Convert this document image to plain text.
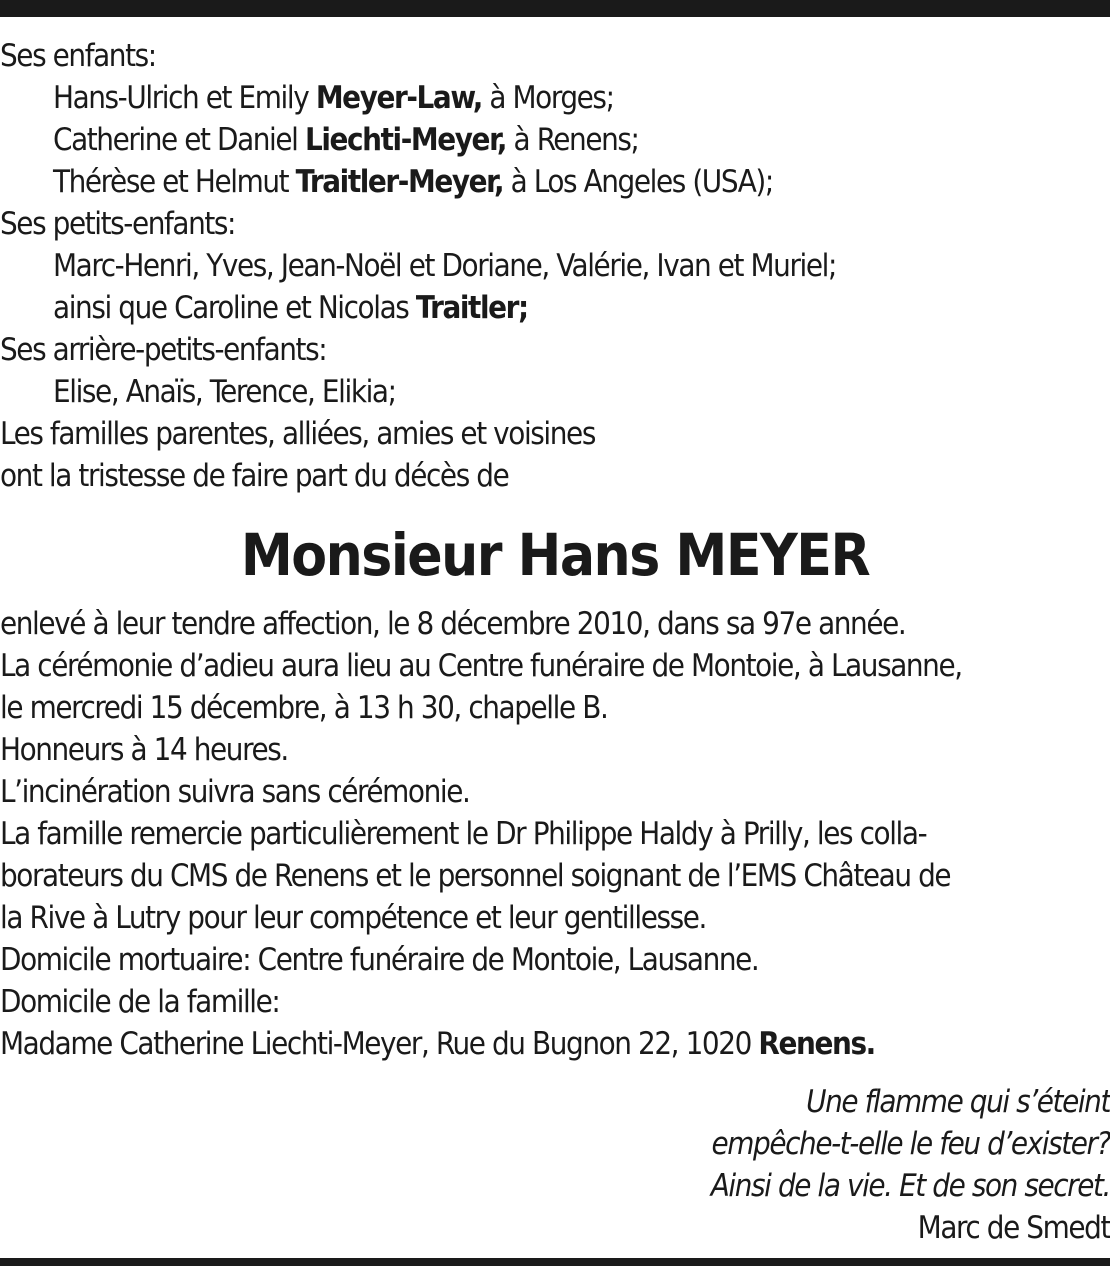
Ses enfants:
Hans-Ulrich et Emily Meyer-Law, à Morges;
Catherine et Daniel Liechti-Meyer, à Renens;
Thérèse et Helmut Traitler-Meyer, à Los Angeles (USA);
Ses petits-enfants:
Marc-Henri, Yves, Jean-Noël et Doriane, Valérie, Ivan et Muriel;
ainsi que Caroline et Nicolas Traitler;
Ses arrière-petits-enfants:
Elise, Anaïs, Terence, Elikia;
Les familles parentes, alliées, amies et voisines
ont la tristesse de faire part du décès de
Monsieur Hans MEYER
enlevé à leur tendre affection, le 8 décembre 2010, dans sa 97e année.
La cérémonie d’adieu aura lieu au Centre funéraire de Montoie, à Lausanne,
le mercredi 15 décembre, à 13 h 30, chapelle B.
Honneurs à 14 heures.
L’incinération suivra sans cérémonie.
La famille remercie particulièrement le Dr Philippe Haldy à Prilly, les colla-
borateurs du CMS de Renens et le personnel soignant de l’EMS Château de
la Rive à Lutry pour leur compétence et leur gentillesse.
Domicile mortuaire: Centre funéraire de Montoie, Lausanne.
Domicile de la famille:
Madame Catherine Liechti-Meyer, Rue du Bugnon 22, 1020 Renens.
Une flamme qui s’éteint
empêche-t-elle le feu d’exister?
Ainsi de la vie. Et de son secret.
Marc de Smedt
